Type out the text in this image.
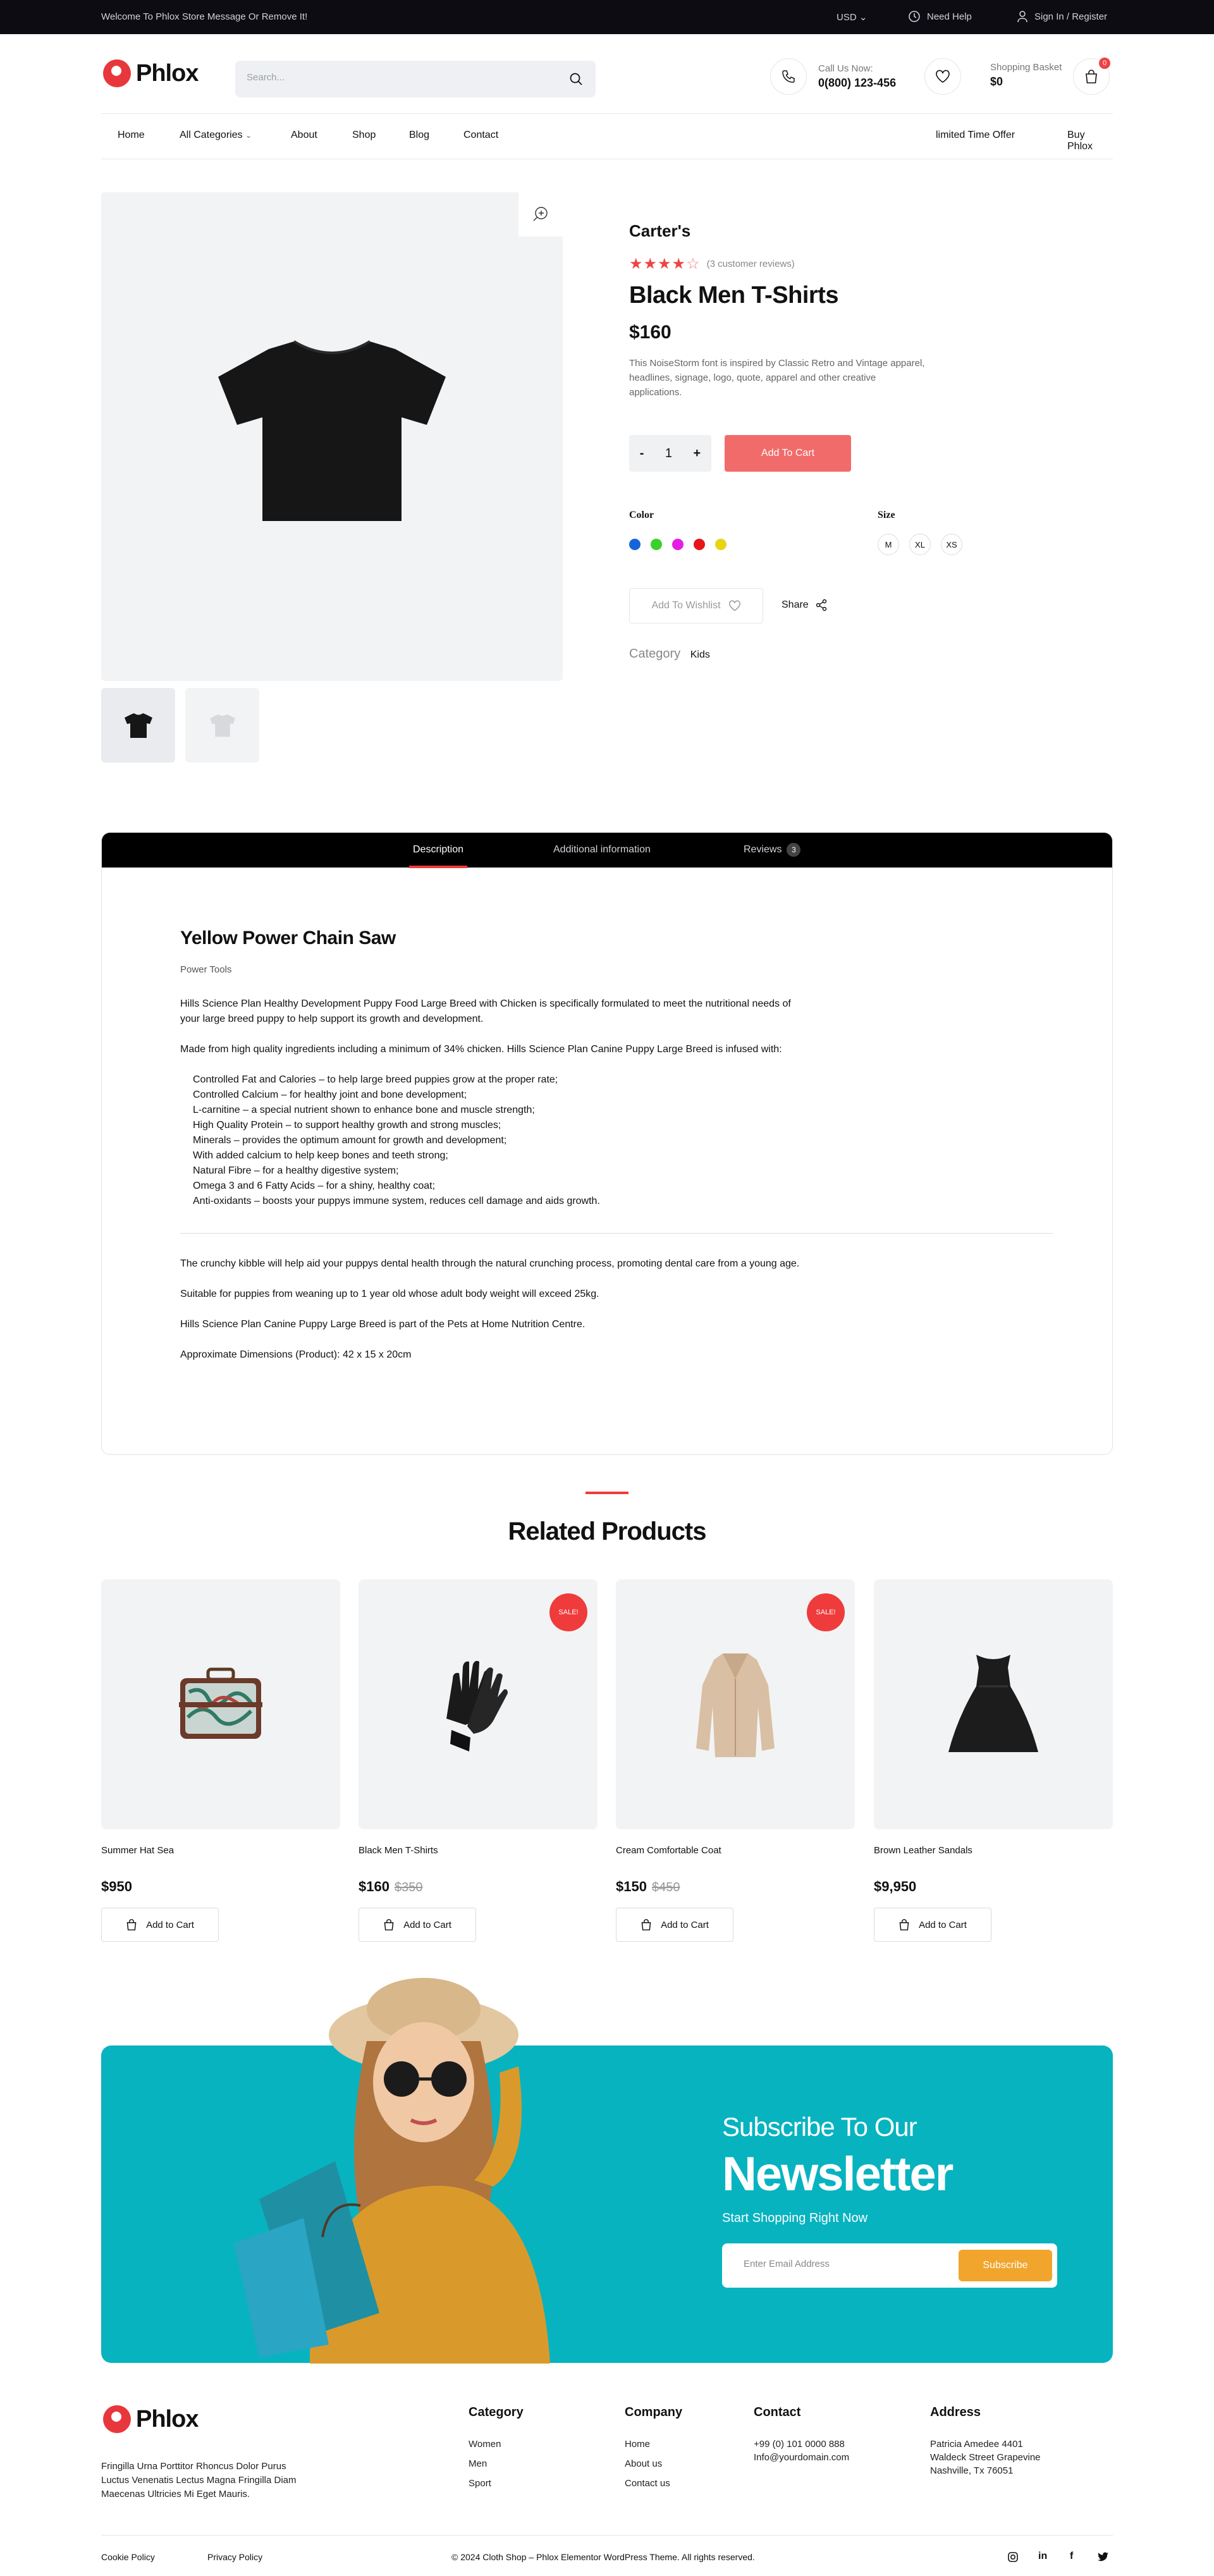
Welcome To Phlox Store Message Or Remove It!	USD ⌄	Need Help	Sign In / Register
Phlox
Search...	Call Us Now:
0(800) 123-456
Shopping Basket
$0
0
Home	All Categories ⌄	About	Shop	Blog	Contact	limited Time Offer	Buy Phlox
Carter's
★★★★☆ (3 customer reviews)
Black Men T-Shirts
$160
This NoiseStorm font is inspired by Classic Retro and Vintage apparel, headlines, signage, logo, quote, apparel and other creative applications.
- 1 +	Add To Cart
Color	Size
M	XL	XS
Add To Wishlist	Share
Category Kids
Description	Additional information	Reviews 3
Yellow Power Chain Saw
Power Tools

Hills Science Plan Healthy Development Puppy Food Large Breed with Chicken is specifically formulated to meet the nutritional needs of your large breed puppy to help support its growth and development.

Made from high quality ingredients including a minimum of 34% chicken. Hills Science Plan Canine Puppy Large Breed is infused with:

Controlled Fat and Calories – to help large breed puppies grow at the proper rate;
Controlled Calcium – for healthy joint and bone development;
L-carnitine – a special nutrient shown to enhance bone and muscle strength;
High Quality Protein – to support healthy growth and strong muscles;
Minerals – provides the optimum amount for growth and development;
With added calcium to help keep bones and teeth strong;
Natural Fibre – for a healthy digestive system;
Omega 3 and 6 Fatty Acids – for a shiny, healthy coat;
Anti-oxidants – boosts your puppys immune system, reduces cell damage and aids growth.

The crunchy kibble will help aid your puppys dental health through the natural crunching process, promoting dental care from a young age.

Suitable for puppies from weaning up to 1 year old whose adult body weight will exceed 25kg.

Hills Science Plan Canine Puppy Large Breed is part of the Pets at Home Nutrition Centre.

Approximate Dimensions (Product): 42 x 15 x 20cm

Related Products
Summer Hat Sea
$950
Add to Cart
SALE!
Black Men T-Shirts
$160 $350
Add to Cart
SALE!
Cream Comfortable Coat
$150 $450
Add to Cart
Brown Leather Sandals
$9,950
Add to Cart
Subscribe To Our
Newsletter
Start Shopping Right Now
Enter Email Address
Subscribe
Phlox
Fringilla Urna Porttitor Rhoncus Dolor Purus Luctus Venenatis Lectus Magna Fringilla Diam Maecenas Ultricies Mi Eget Mauris.
Category
Women
Men
Sport
Company
Home
About us
Contact us
Contact
+99 (0) 101 0000 888
Info@yourdomain.com
Address
Patricia Amedee 4401
Waldeck Street Grapevine
Nashville, Tx 76051
Cookie Policy	Privacy Policy	© 2024 Cloth Shop – Phlox Elementor WordPress Theme. All rights reserved.	in f
